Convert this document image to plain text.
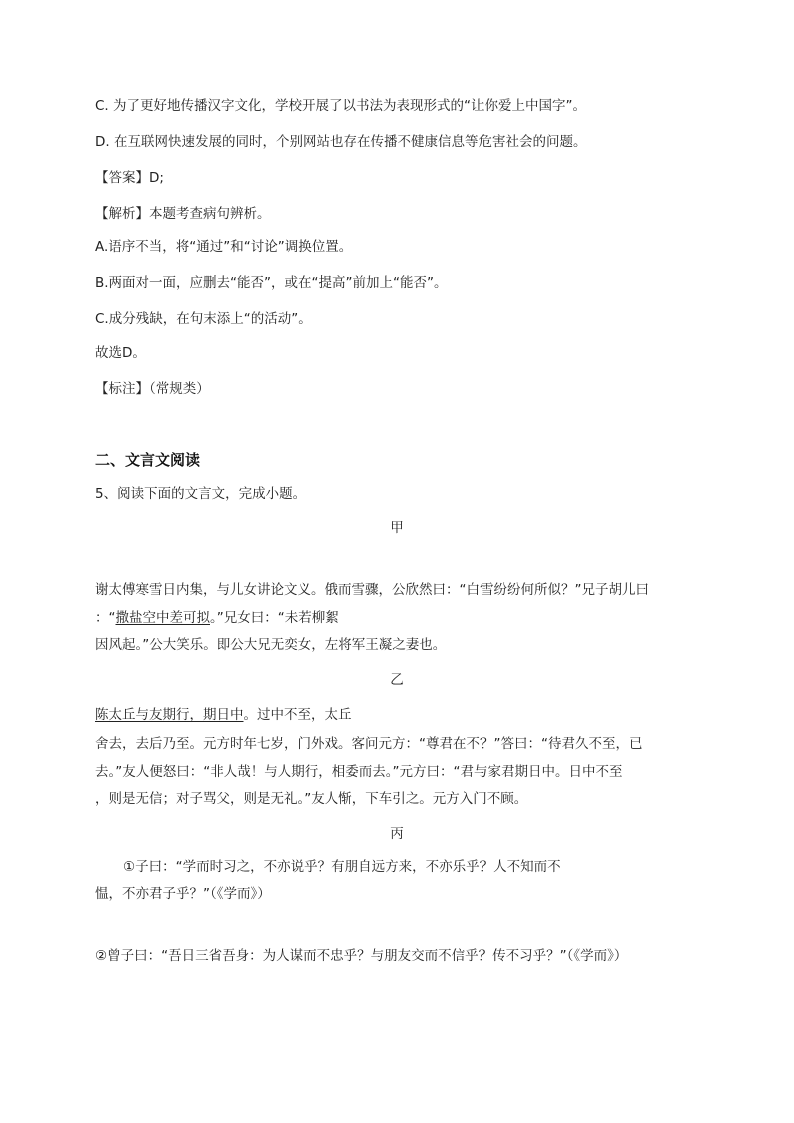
C. 为了更好地传播汉字文化，学校开展了以书法为表现形式的“让你爱上中国字”。
D. 在互联网快速发展的同时，个别网站也存在传播不健康信息等危害社会的问题。
【答案】D;
【解析】本题考查病句辨析。
A.语序不当，将“通过”和“讨论”调换位置。
B.两面对一面，应删去“能否”，或在“提高”前加上“能否”。
C.成分残缺，在句末添上“的活动”。
故选D。
【标注】（常规类）
二、文言文阅读
5、阅读下面的文言文，完成小题。
甲
谢太傅寒雪日内集，与儿女讲论文义。俄而雪骤，公欣然曰：“白雪纷纷何所似？”兄子胡儿曰
：“撒盐空中差可拟。”兄女曰：“未若柳絮
因风起。”公大笑乐。即公大兄无奕女，左将军王凝之妻也。
乙
陈太丘与友期行，期日中。过中不至，太丘
舍去，去后乃至。元方时年七岁，门外戏。客问元方：“尊君在不？”答曰：“待君久不至，已
去。”友人便怒曰：“非人哉！与人期行，相委而去。”元方曰：“君与家君期日中。日中不至
，则是无信；对子骂父，则是无礼。”友人惭，下车引之。元方入门不顾。
丙
①子曰：“学而时习之，不亦说乎？有朋自远方来，不亦乐乎？人不知而不
愠，不亦君子乎？”（《学而》）
②曾子曰：“吾日三省吾身：为人谋而不忠乎？与朋友交而不信乎？传不习乎？”（《学而》）
